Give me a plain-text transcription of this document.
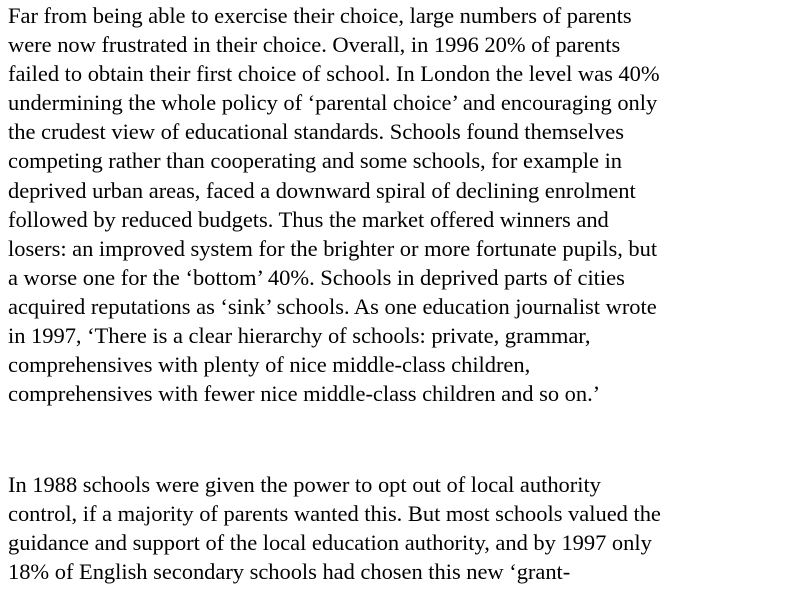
Far from being able to exercise their choice, large numbers of parents
were now frustrated in their choice. Overall, in 1996 20% of parents
failed to obtain their first choice of school. In London the level was 40%
undermining the whole policy of ‘parental choice’ and encouraging only
the crudest view of educational standards. Schools found themselves
competing rather than cooperating and some schools, for example in
deprived urban areas, faced a downward spiral of declining enrolment
followed by reduced budgets. Thus the market offered winners and
losers: an improved system for the brighter or more fortunate pupils, but
a worse one for the ‘bottom’ 40%. Schools in deprived parts of cities
acquired reputations as ‘sink’ schools. As one education journalist wrote
in 1997, ‘There is a clear hierarchy of schools: private, grammar,
comprehensives with plenty of nice middle-class children,
comprehensives with fewer nice middle-class children and so on.’
In 1988 schools were given the power to opt out of local authority
control, if a majority of parents wanted this. But most schools valued the
guidance and support of the local education authority, and by 1997 only
18% of English secondary schools had chosen this new ‘grant-
